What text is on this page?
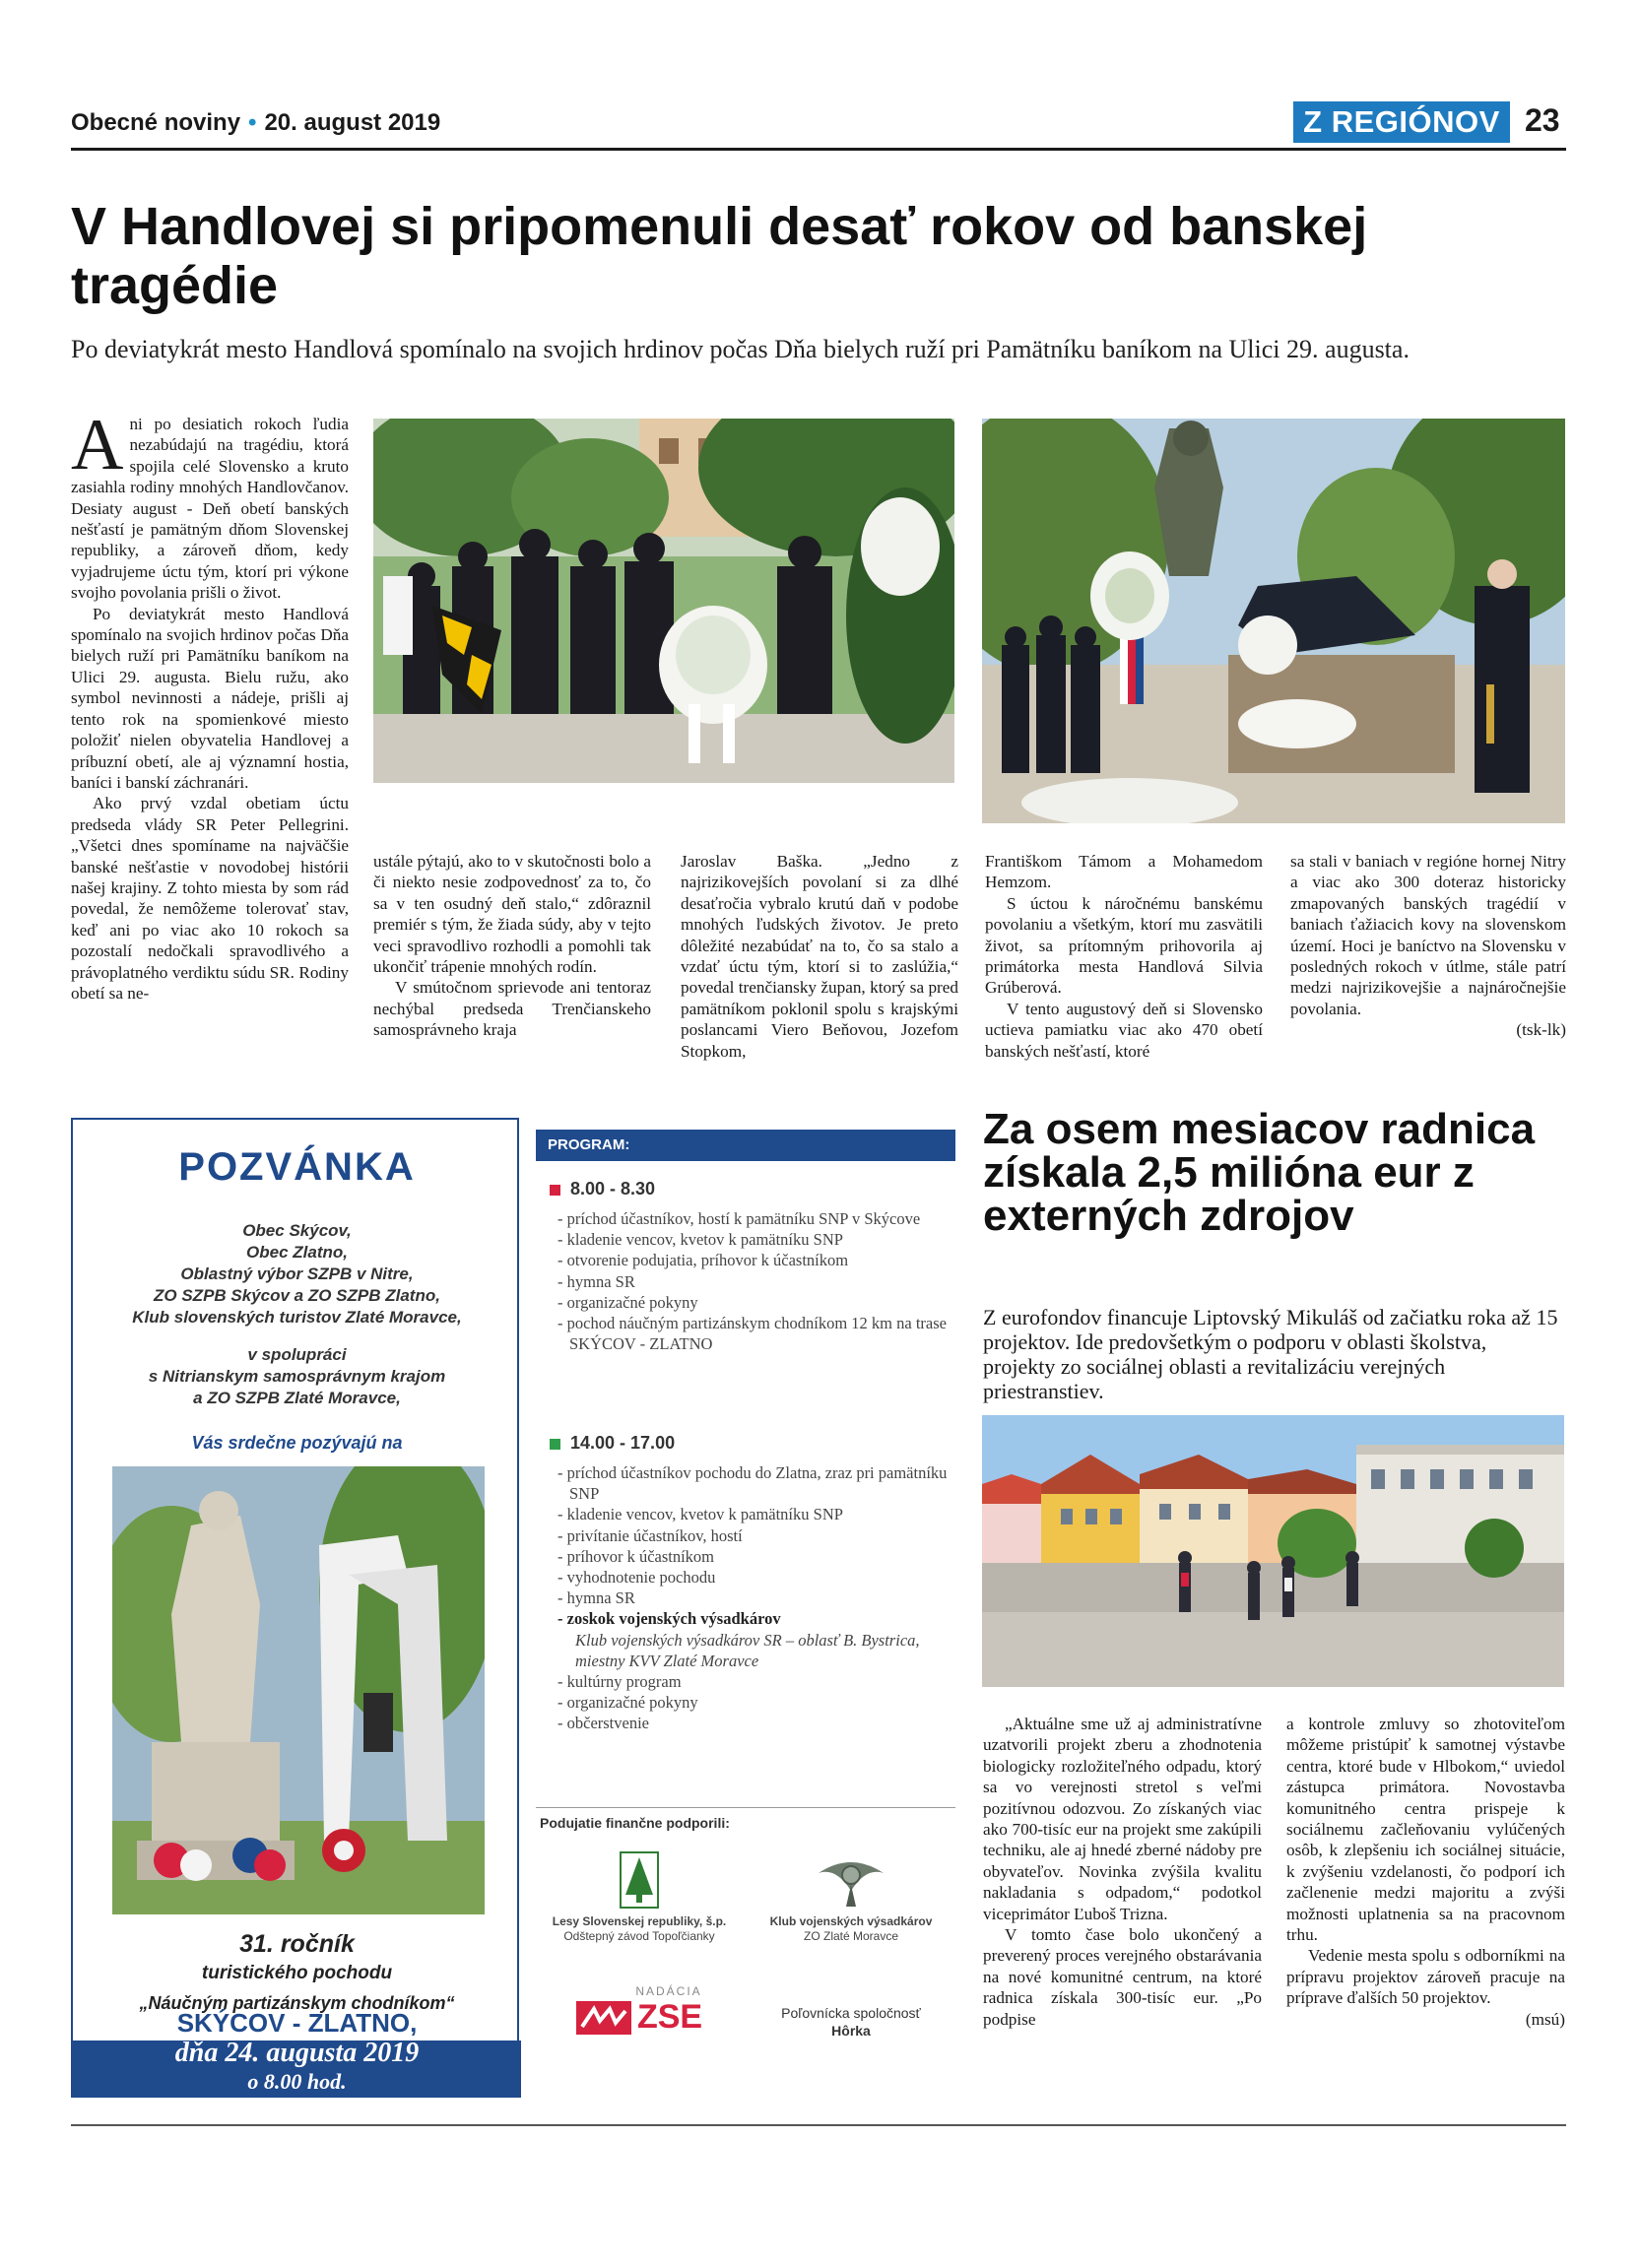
Obecné noviny • 20. august 2019	Z REGIÓNOV 23
V Handlovej si pripomenuli desať rokov od banskej tragédie
Po deviatykrát mesto Handlová spomínalo na svojich hrdinov počas Dňa bielych ruží pri Pamätníku baníkom na Ulici 29. augusta.

Ani po desiatich rokoch ľudia nezabúdajú na tragédiu, ktorá spojila celé Slovensko a kruto zasiahla rodiny mnohých Handlovčanov. Desiaty august - Deň obetí banských nešťastí je pamätným dňom Slovenskej republiky, a zároveň dňom, kedy vyjadrujeme úctu tým, ktorí pri výkone svojho povolania prišli o život.

Po deviatykrát mesto Handlová spomínalo na svojich hrdinov počas Dňa bielych ruží pri Pamätníku baníkom na Ulici 29. augusta. Bielu ružu, ako symbol nevinnosti a nádeje, prišli aj tento rok na spomienkové miesto položiť nielen obyvatelia Handlovej a príbuzní obetí, ale aj významní hostia, baníci i banskí záchranári.

Ako prvý vzdal obetiam úctu predseda vlády SR Peter Pellegrini. „Všetci dnes spomíname na najväčšie banské nešťastie v novodobej histórii našej krajiny. Z tohto miesta by som rád povedal, že nemôžeme tolerovať stav, keď ani po viac ako 10 rokoch sa pozostalí nedočkali spravodlivého a právoplatného verdiktu súdu SR. Rodiny obetí sa ne-

ustále pýtajú, ako to v skutočnosti bolo a či niekto nesie zodpovednosť za to, čo sa v ten osudný deň stalo,“ zdôraznil premiér s tým, že žiada súdy, aby v tejto veci spravodlivo rozhodli a pomohli tak ukončiť trápenie mnohých rodín.

V smútočnom sprievode ani tentoraz nechýbal predseda Trenčianskeho samosprávneho kraja

Jaroslav Baška. „Jedno z najrizikovejších povolaní si za dlhé desaťročia vybralo krutú daň v podobe mnohých ľudských životov. Je preto dôležité nezabúdať na to, čo sa stalo a vzdať úctu tým, ktorí si to zaslúžia,“ povedal trenčiansky župan, ktorý sa pred pamätníkom poklonil spolu s krajskými poslancami Viero Beňovou, Jozefom Stopkom,

Františkom Támom a Mohamedom Hemzom.

S úctou k náročnému banskému povolaniu a všetkým, ktorí mu zasvätili život, sa prítomným prihovorila aj primátorka mesta Handlová Silvia Grúberová.

V tento augustový deň si Slovensko uctieva pamiatku viac ako 470 obetí banských nešťastí, ktoré

sa stali v baniach v regióne hornej Nitry a viac ako 300 doteraz historicky zmapovaných banských tragédií v baniach ťažiacich kovy na slovenskom území. Hoci je baníctvo na Slovensku v posledných rokoch v útlme, stále patrí medzi najrizikovejšie a najnáročnejšie povolania.

(tsk-lk)

POZVÁNKA
Obec Skýcov,
Obec Zlatno,
Oblastný výbor SZPB v Nitre,
ZO SZPB Skýcov a ZO SZPB Zlatno,
Klub slovenských turistov Zlaté Moravce,
v spolupráci
s Nitrianskym samosprávnym krajom
a ZO SZPB Zlaté Moravce,
Vás srdečne pozývajú na
31. ročník
turistického pochodu
„Náučným partizánskym chodníkom“
SKÝCOV - ZLATNO,
dňa 24. augusta 2019
o 8.00 hod.
PROGRAM:
8.00 - 8.30
- príchod účastníkov, hostí k pamätníku SNP v Skýcove
- kladenie vencov, kvetov k pamätníku SNP
- otvorenie podujatia, príhovor k účastníkom
- hymna SR
- organizačné pokyny
- pochod náučným partizánskym chodníkom 12 km na trase SKÝCOV - ZLATNO
14.00 - 17.00
- príchod účastníkov pochodu do Zlatna, zraz pri pamätníku SNP
- kladenie vencov, kvetov k pamätníku SNP
- privítanie účastníkov, hostí
- príhovor k účastníkom
- vyhodnotenie pochodu
- hymna SR
- zoskok vojenských výsadkárov
Klub vojenských výsadkárov SR – oblasť B. Bystrica, miestny KVV Zlaté Moravce
- kultúrny program
- organizačné pokyny
- občerstvenie
Podujatie finančne podporili:
Lesy Slovenskej republiky, š.p.
Odštepný závod Topoľčianky
Klub vojenských výsadkárov
ZO Zlaté Moravce
NADÁCIA
ZSE	Poľovnícka spoločnosť
Hôrka
Za osem mesiacov radnica získala 2,5 milióna eur z externých zdrojov
Z eurofondov financuje Liptovský Mikuláš od začiatku roka až 15 projektov. Ide predovšetkým o podporu v oblasti školstva, projekty zo sociálnej oblasti a revitalizáciu verejných priestranstiev.

„Aktuálne sme už aj administratívne uzatvorili projekt zberu a zhodnotenia biologicky rozložiteľného odpadu, ktorý sa vo verejnosti stretol s veľmi pozitívnou odozvou. Zo získaných viac ako 700-tisíc eur na projekt sme zakúpili techniku, ale aj hnedé zberné nádoby pre obyvateľov. Novinka zvýšila kvalitu nakladania s odpadom,“ podotkol viceprimátor Ľuboš Trizna.

V tomto čase bolo ukončený a preverený proces verejného obstarávania na nové komunitné centrum, na ktoré radnica získala 300-tisíc eur. „Po podpise

a kontrole zmluvy so zhotoviteľom môžeme pristúpiť k samotnej výstavbe centra, ktoré bude v Hlbokom,“ uviedol zástupca primátora. Novostavba komunitného centra prispeje k sociálnemu začleňovaniu vylúčených osôb, k zlepšeniu ich sociálnej situácie, k zvýšeniu vzdelanosti, čo podporí ich začlenenie medzi majoritu a zvýši možnosti uplatnenia sa na pracovnom trhu.

Vedenie mesta spolu s odborníkmi na prípravu projektov zároveň pracuje na príprave ďalších 50 projektov.

(msú)
